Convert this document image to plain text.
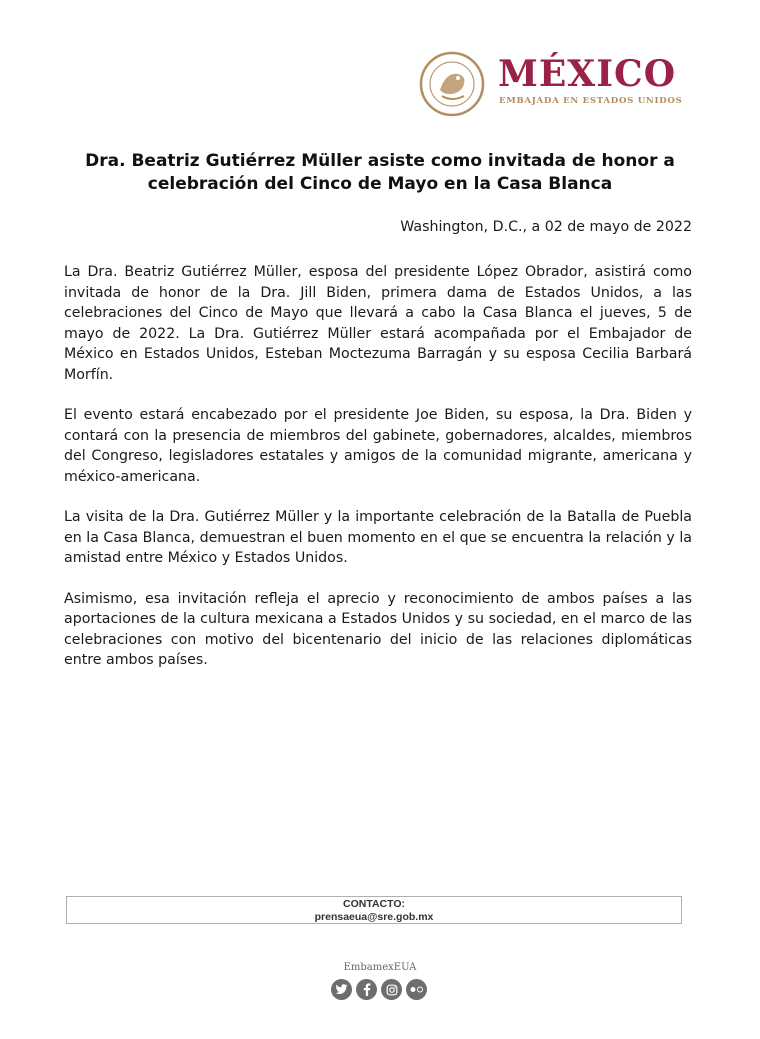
MÉXICO
EMBAJADA EN ESTADOS UNIDOS
Dra. Beatriz Gutiérrez Müller asiste como invitada de honor a celebración del Cinco de Mayo en la Casa Blanca
Washington, D.C., a 02 de mayo de 2022

La Dra. Beatriz Gutiérrez Müller, esposa del presidente López Obrador, asistirá como invitada de honor de la Dra. Jill Biden, primera dama de Estados Unidos, a las celebraciones del Cinco de Mayo que llevará a cabo la Casa Blanca el jueves, 5 de mayo de 2022. La Dra. Gutiérrez Müller estará acompañada por el Embajador de México en Estados Unidos, Esteban Moctezuma Barragán y su esposa Cecilia Barbará Morfín.

El evento estará encabezado por el presidente Joe Biden, su esposa, la Dra. Biden y contará con la presencia de miembros del gabinete, gobernadores, alcaldes, miembros del Congreso, legisladores estatales y amigos de la comunidad migrante, americana y méxico-americana.

La visita de la Dra. Gutiérrez Müller y la importante celebración de la Batalla de Puebla en la Casa Blanca, demuestran el buen momento en el que se encuentra la relación y la amistad entre México y Estados Unidos.

Asimismo, esa invitación refleja el aprecio y reconocimiento de ambos países a las aportaciones de la cultura mexicana a Estados Unidos y su sociedad, en el marco de las celebraciones con motivo del bicentenario del inicio de las relaciones diplomáticas entre ambos países.

CONTACTO:
prensaeua@sre.gob.mx
EmbamexEUA
